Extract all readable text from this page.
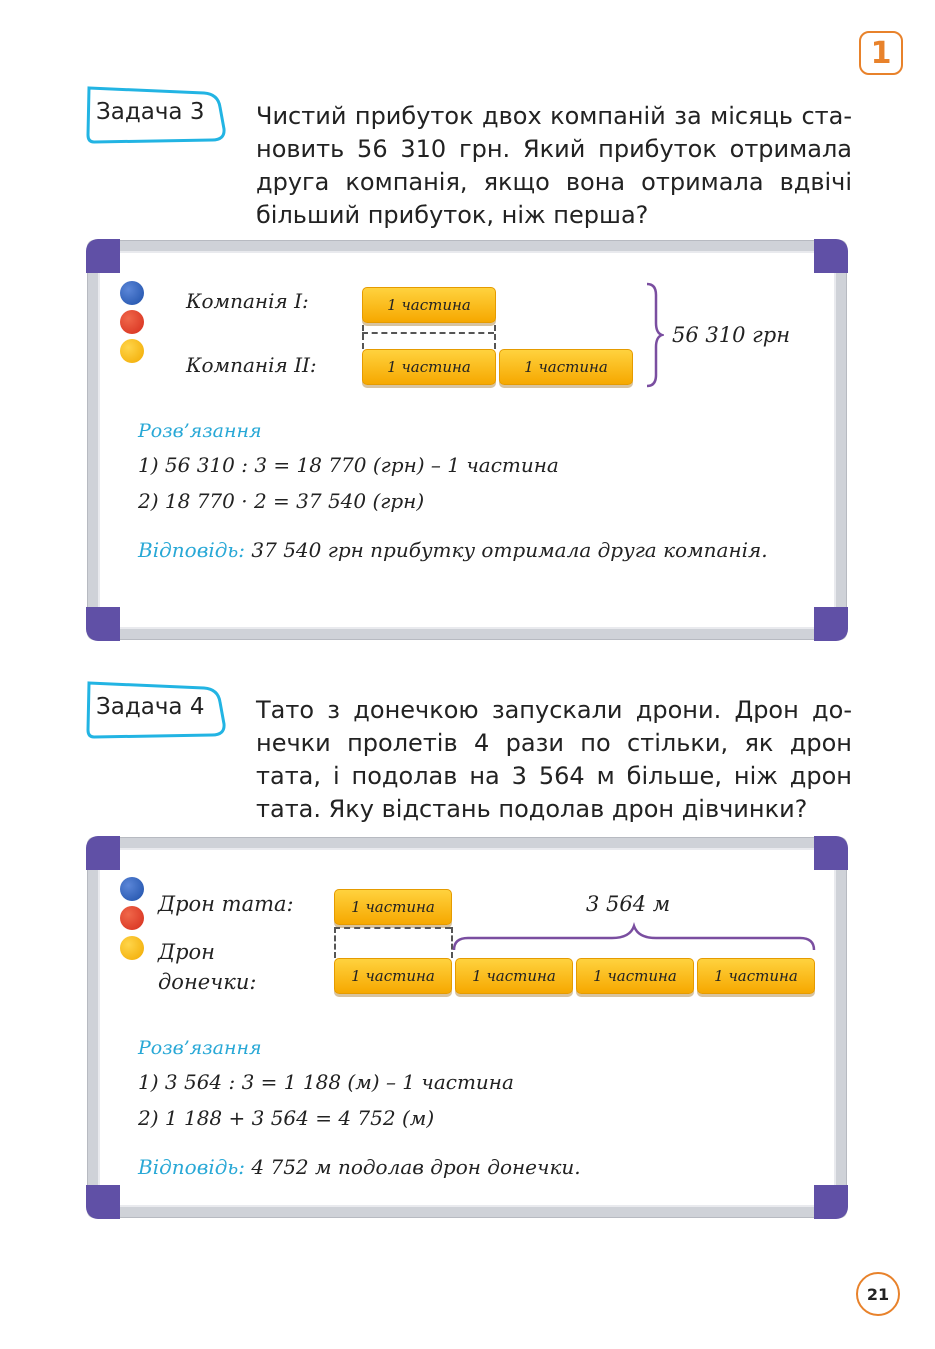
1
Задача 3 Чистий прибуток двох компаній за місяць ста-новить 56 310 грн. Який прибуток отримала друга компанія, якщо вона отримала вдвічі більший прибуток, ніж перша?
Компанія І:
Компанія ІІ:
1 частина
1 частина	1 частина
56 310 грн
Розв’язання
1) 56 310 : 3 = 18 770 (грн) – 1 частина
2) 18 770 · 2 = 37 540 (грн)
Відповідь: 37 540 грн прибутку отримала друга компанія.
Задача 4 Тато з донечкою запускали дрони. Дрон до-нечки пролетів 4 рази по стільки, як дрон тата, і подолав на 3 564 м більше, ніж дрон тата. Яку відстань подолав дрон дівчинки?
Дрон тата:
Дрон
донечки:
1 частина
1 частина	1 частина	1 частина	1 частина
3 564 м
Розв’язання
1) 3 564 : 3 = 1 188 (м) – 1 частина
2) 1 188 + 3 564 = 4 752 (м)
Відповідь: 4 752 м подолав дрон донечки.
21
